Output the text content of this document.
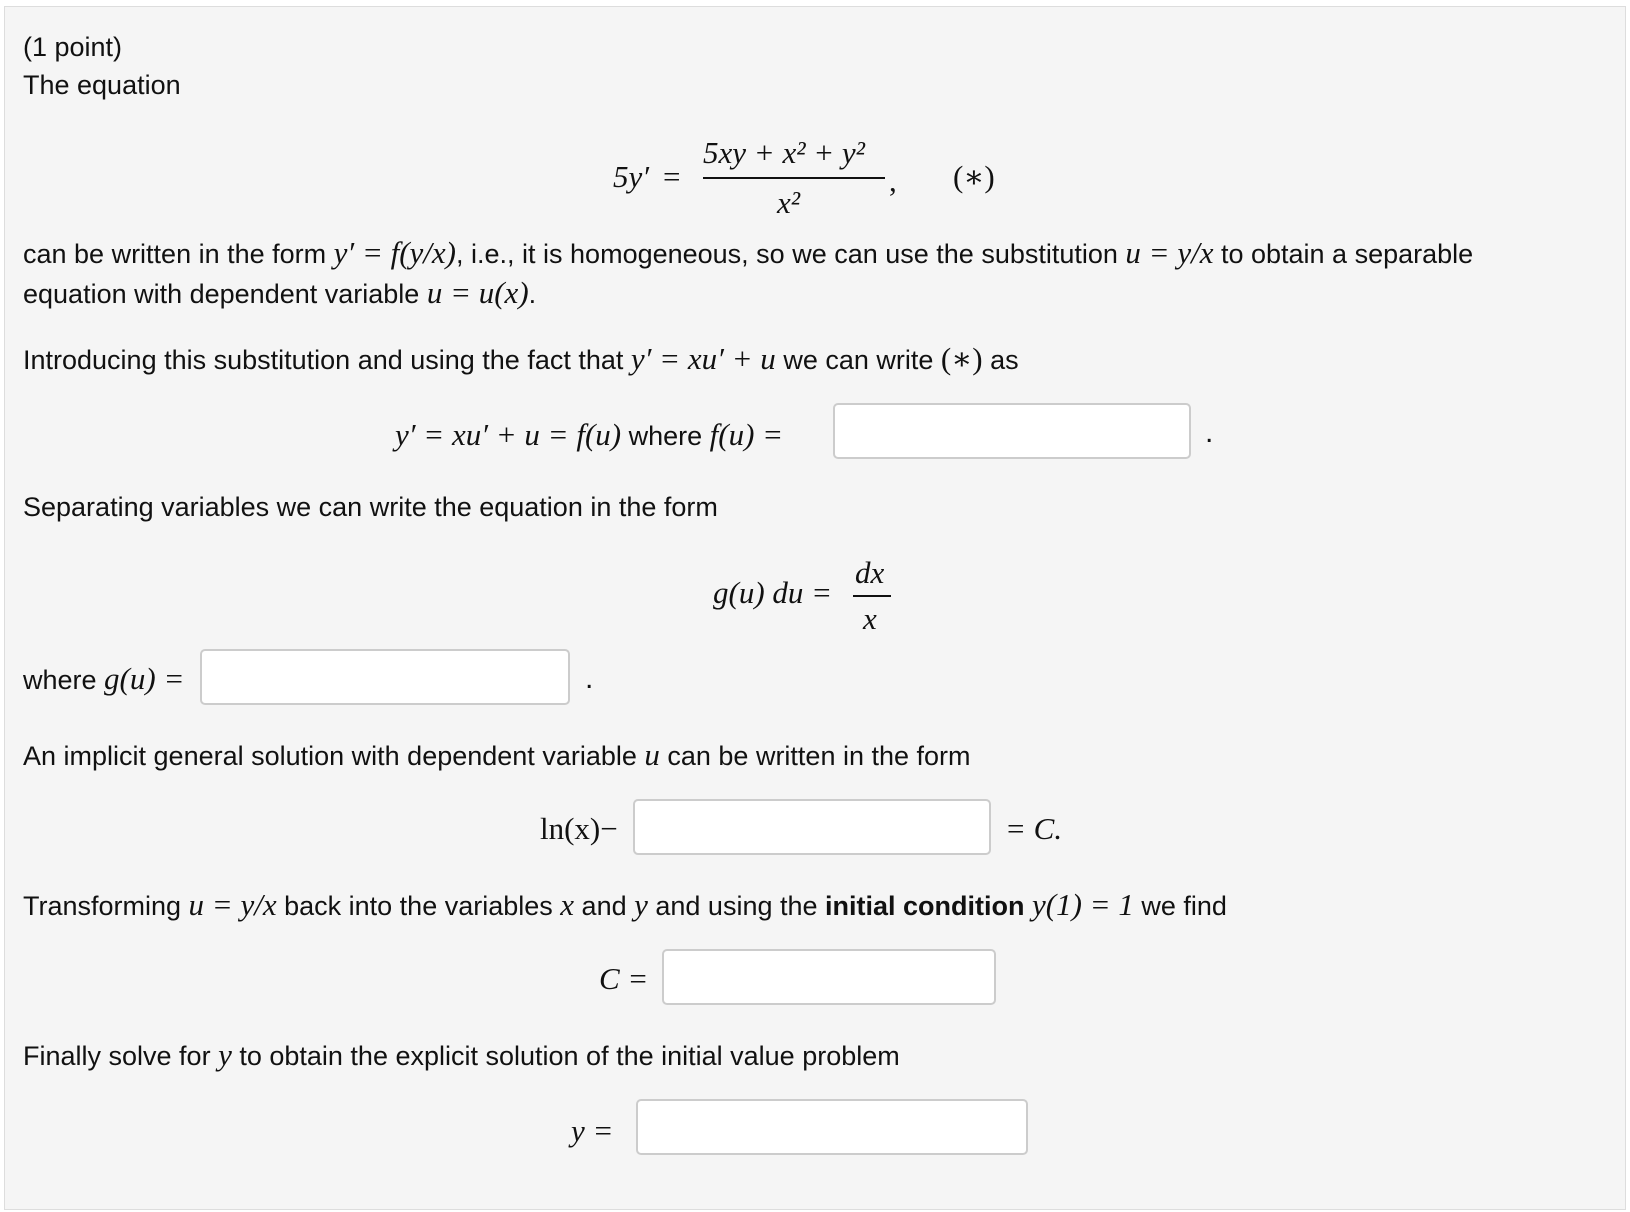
(1 point)
The equation
5y′ =
5xy + x² + y²
x²
, (∗)
can be written in the form y′ = f(y/x), i.e., it is homogeneous, so we can use the substitution u = y/x to obtain a separable
equation with dependent variable u = u(x).
Introducing this substitution and using the fact that y′ = xu′ + u we can write (∗) as
y′ = xu′ + u = f(u) where f(u) =	.
Separating variables we can write the equation in the form
g(u) du =
dx
x
where g(u) =	.
An implicit general solution with dependent variable u can be written in the form
ln(x)−	= C.
Transforming u = y/x back into the variables x and y and using the initial condition y(1) = 1 we find
C =
Finally solve for y to obtain the explicit solution of the initial value problem
y =
